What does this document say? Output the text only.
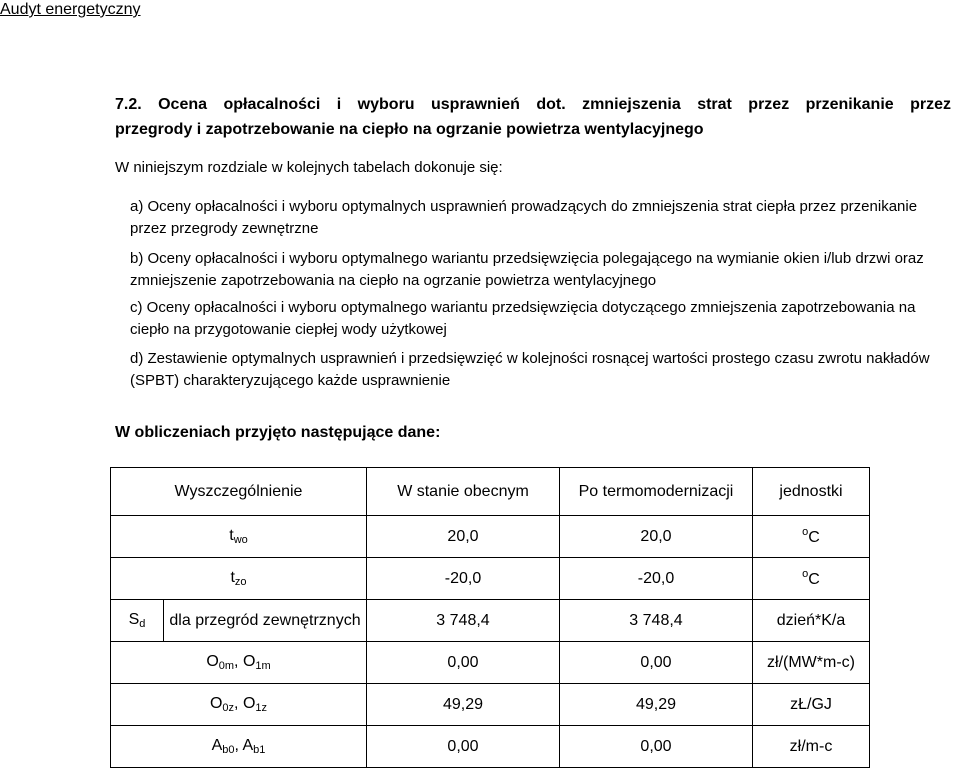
Audyt energetyczny
7.2. Ocena opłacalności i wyboru usprawnień dot. zmniejszenia strat przez przenikanie przez
przegrody i zapotrzebowanie na ciepło na ogrzanie powietrza wentylacyjnego
W niniejszym rozdziale w kolejnych tabelach dokonuje się:
a) Oceny opłacalności i wyboru optymalnych usprawnień prowadzących do zmniejszenia strat ciepła przez przenikanie przez przegrody zewnętrzne
b) Oceny opłacalności i wyboru optymalnego wariantu przedsięwzięcia polegającego na wymianie okien i/lub drzwi oraz zmniejszenie zapotrzebowania na ciepło na ogrzanie powietrza wentylacyjnego
c) Oceny opłacalności i wyboru optymalnego wariantu przedsięwzięcia dotyczącego zmniejszenia zapotrzebowania na ciepło na przygotowanie ciepłej wody użytkowej
d) Zestawienie optymalnych usprawnień i przedsięwzięć w kolejności rosnącej wartości prostego czasu zwrotu nakładów (SPBT) charakteryzującego każde usprawnienie
W obliczeniach przyjęto następujące dane:
Wyszczególnienie		W stanie obecnym	Po termomodernizacji	jednostki
$t_{wo}$		20,0	20,0	$^o$C
$t_{zo}$		-20,0	-20,0	$^o$C
$S_d$	dla przegród zewnętrznych	3 748,4	3 748,4	dzień*K/a
$O_{0m}$, $O_{1m}$		0,00	0,00	zł/(MW*m-c)
$O_{0z}$, $O_{1z}$		49,29	49,29	zŁ/GJ
$A_{b0}$, $A_{b1}$		0,00	0,00	zł/m-c
